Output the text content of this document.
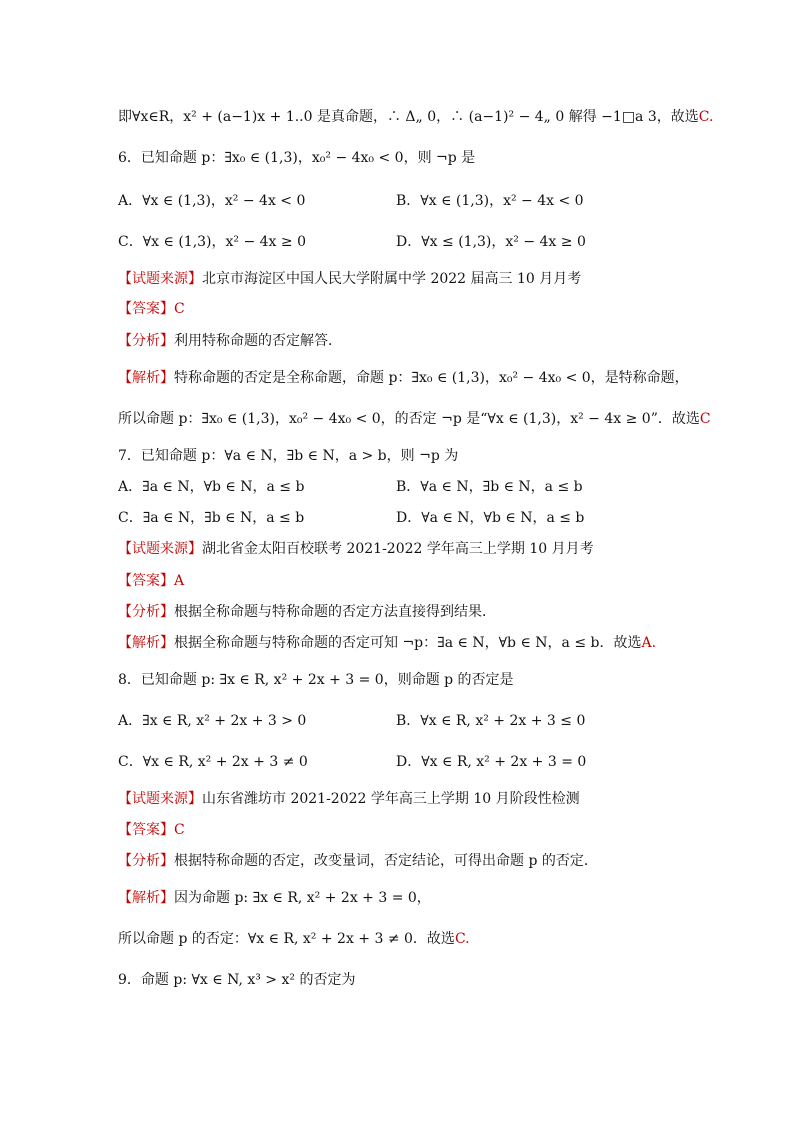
即∀x∈R，x² + (a−1)x + 1..0 是真命题，∴ Δ„ 0，∴ (a−1)² − 4„ 0 解得 −1□a 3，故选C.
6．已知命题 p：∃x₀ ∈ (1,3)，x₀² − 4x₀ < 0，则 ¬p 是
A．∀x ∈ (1,3)，x² − 4x < 0	B．∀x ∈ (1,3)，x² − 4x < 0
C．∀x ∈ (1,3)，x² − 4x ≥ 0	D．∀x ≤ (1,3)，x² − 4x ≥ 0
【试题来源】北京市海淀区中国人民大学附属中学 2022 届高三 10 月月考
【答案】C
【分析】利用特称命题的否定解答．
【解析】特称命题的否定是全称命题，命题 p：∃x₀ ∈ (1,3)，x₀² − 4x₀ < 0，是特称命题，
所以命题 p：∃x₀ ∈ (1,3)，x₀² − 4x₀ < 0，的否定 ¬p 是“∀x ∈ (1,3)，x² − 4x ≥ 0”．故选C
7．已知命题 p：∀a ∈ N，∃b ∈ N，a > b，则 ¬p 为
A．∃a ∈ N，∀b ∈ N，a ≤ b	B．∀a ∈ N，∃b ∈ N，a ≤ b
C．∃a ∈ N，∃b ∈ N，a ≤ b	D．∀a ∈ N，∀b ∈ N，a ≤ b
【试题来源】湖北省金太阳百校联考 2021-2022 学年高三上学期 10 月月考
【答案】A
【分析】根据全称命题与特称命题的否定方法直接得到结果．
【解析】根据全称命题与特称命题的否定可知 ¬p：∃a ∈ N，∀b ∈ N，a ≤ b．故选A.
8．已知命题 p: ∃x ∈ R, x² + 2x + 3 = 0，则命题 p 的否定是
A．∃x ∈ R, x² + 2x + 3 > 0	B．∀x ∈ R, x² + 2x + 3 ≤ 0
C．∀x ∈ R, x² + 2x + 3 ≠ 0	D．∀x ∈ R, x² + 2x + 3 = 0
【试题来源】山东省潍坊市 2021-2022 学年高三上学期 10 月阶段性检测
【答案】C
【分析】根据特称命题的否定，改变量词，否定结论，可得出命题 p 的否定．
【解析】因为命题 p: ∃x ∈ R, x² + 2x + 3 = 0，
所以命题 p 的否定：∀x ∈ R, x² + 2x + 3 ≠ 0．故选C.
9．命题 p: ∀x ∈ N, x³ > x² 的否定为
